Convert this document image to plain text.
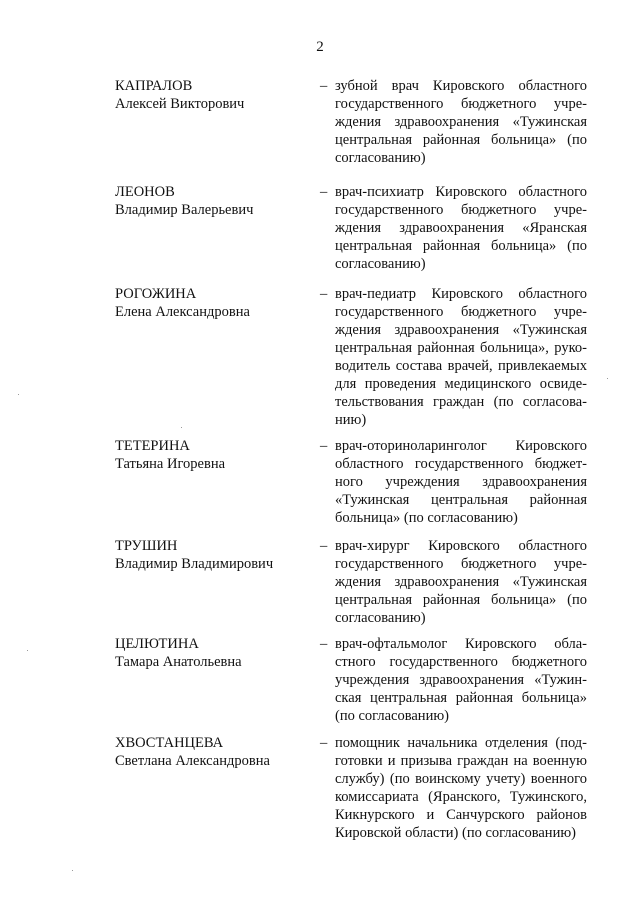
2
КАПРАЛОВ
Алексей Викторович
– зубной врач Кировского областного
государственного бюджетного учре-
ждения здравоохранения «Тужинская
центральная районная больница» (по
согласованию)
ЛЕОНОВ
Владимир Валерьевич
– врач-психиатр Кировского областного
государственного бюджетного учре-
ждения здравоохранения «Яранская
центральная районная больница» (по
согласованию)
РОГОЖИНА
Елена Александровна
– врач-педиатр Кировского областного
государственного бюджетного учре-
ждения здравоохранения «Тужинская
центральная районная больница», руко-
водитель состава врачей, привлекаемых
для проведения медицинского освиде-
тельствования граждан (по согласова-
нию)
ТЕТЕРИНА
Татьяна Игоревна
– врач-оториноларинголог Кировского
областного государственного бюджет-
ного учреждения здравоохранения
«Тужинская центральная районная
больница» (по согласованию)
ТРУШИН
Владимир Владимирович
– врач-хирург Кировского областного
государственного бюджетного учре-
ждения здравоохранения «Тужинская
центральная районная больница» (по
согласованию)
ЦЕЛЮТИНА
Тамара Анатольевна
– врач-офтальмолог Кировского обла-
стного государственного бюджетного
учреждения здравоохранения «Тужин-
ская центральная районная больница»
(по согласованию)
ХВОСТАНЦЕВА
Светлана Александровна
– помощник начальника отделения (под-
готовки и призыва граждан на военную
службу) (по воинскому учету) военного
комиссариата (Яранского, Тужинского,
Кикнурского и Санчурского районов
Кировской области) (по согласованию)
